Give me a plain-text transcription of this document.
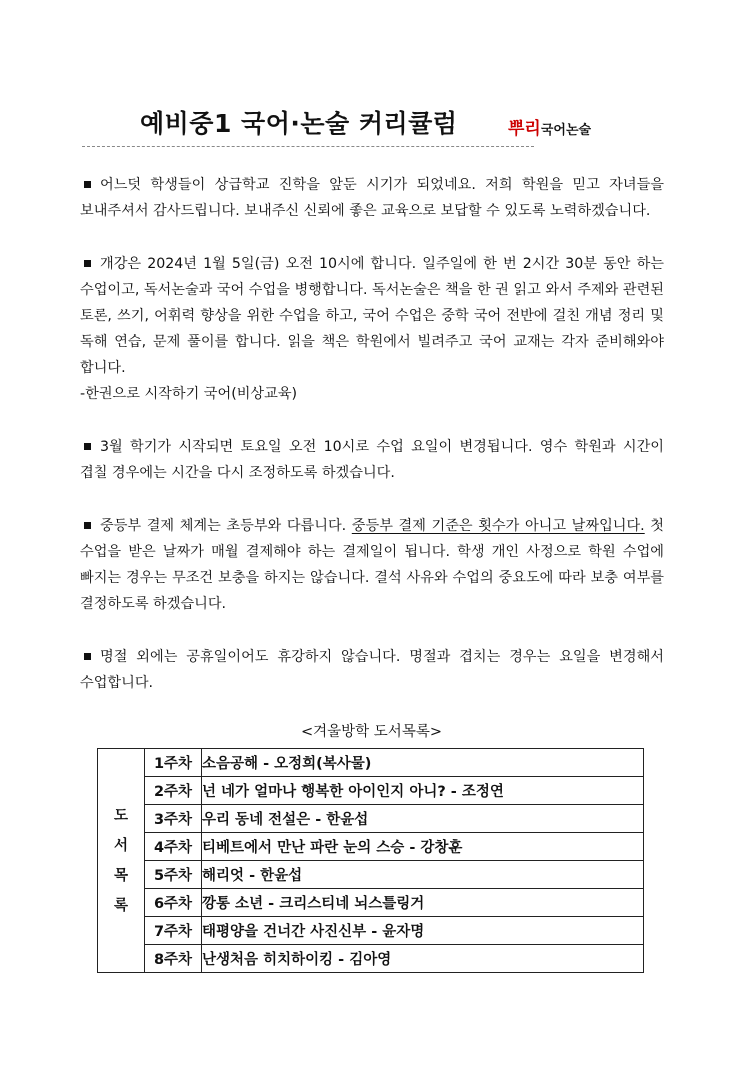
예비중1 국어·논술 커리큘럼	뿌리국어논술

어느덧 학생들이 상급학교 진학을 앞둔 시기가 되었네요. 저희 학원을 믿고 자녀들을 보내주셔서 감사드립니다. 보내주신 신뢰에 좋은 교육으로 보답할 수 있도록 노력하겠습니다.

개강은 2024년 1월 5일(금) 오전 10시에 합니다. 일주일에 한 번 2시간 30분 동안 하는 수업이고, 독서논술과 국어 수업을 병행합니다. 독서논술은 책을 한 권 읽고 와서 주제와 관련된 토론, 쓰기, 어휘력 향상을 위한 수업을 하고, 국어 수업은 중학 국어 전반에 걸친 개념 정리 및 독해 연습, 문제 풀이를 합니다. 읽을 책은 학원에서 빌려주고 국어 교재는 각자 준비해와야 합니다.
-한권으로 시작하기 국어(비상교육)

3월 학기가 시작되면 토요일 오전 10시로 수업 요일이 변경됩니다. 영수 학원과 시간이 겹칠 경우에는 시간을 다시 조정하도록 하겠습니다.

중등부 결제 체계는 초등부와 다릅니다. 중등부 결제 기준은 횟수가 아니고 날짜입니다. 첫 수업을 받은 날짜가 매월 결제해야 하는 결제일이 됩니다. 학생 개인 사정으로 학원 수업에 빠지는 경우는 무조건 보충을 하지는 않습니다. 결석 사유와 수업의 중요도에 따라 보충 여부를 결정하도록 하겠습니다.

명절 외에는 공휴일이어도 휴강하지 않습니다. 명절과 겹치는 경우는 요일을 변경해서 수업합니다.

<겨울방학 도서목록>
도
서
목
록	1주차	소음공해 - 오정희(복사물)
	2주차	넌 네가 얼마나 행복한 아이인지 아니? - 조정연
	3주차	우리 동네 전설은 - 한윤섭
	4주차	티베트에서 만난 파란 눈의 스승 - 강창훈
	5주차	해리엇 - 한윤섭
	6주차	깡통 소년 - 크리스티네 뇌스틀링거
	7주차	태평양을 건너간 사진신부 - 윤자명
	8주차	난생처음 히치하이킹 - 김아영
